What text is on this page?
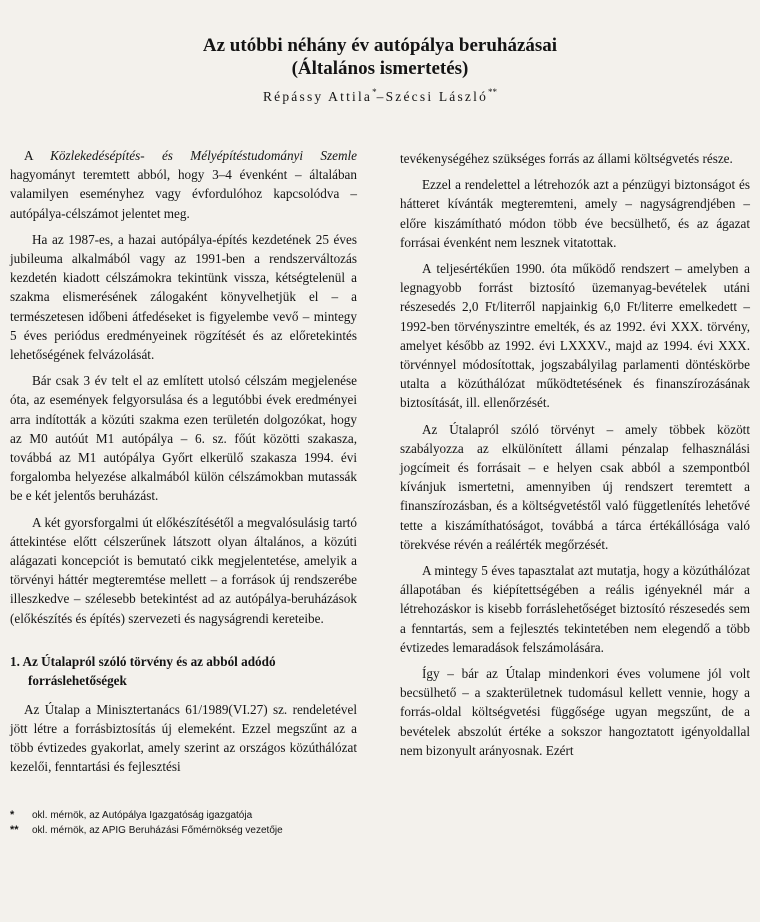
Az utóbbi néhány év autópálya beruházásai
(Általános ismertetés)
Répássy Attila*–Szécsi László**

A Közlekedésépítés- és Mélyépítéstudományi Szemle hagyományt teremtett abból, hogy 3–4 évenként – általában valamilyen eseményhez vagy évfordulóhoz kapcsolódva – autópálya-célszámot jelentet meg.

Ha az 1987-es, a hazai autópálya-építés kezdetének 25 éves jubileuma alkalmából vagy az 1991-ben a rendszerváltozás kezdetén kiadott célszámokra tekintünk vissza, kétségtelenül a szakma elismerésének zálogaként könyvelhetjük el – a természetesen időbeni átfedéseket is figyelembe vevő – mintegy 5 éves periódus eredményeinek rögzítését és az előretekintés lehetőségének felvázolását.

Bár csak 3 év telt el az említett utolsó célszám megjelenése óta, az események felgyorsulása és a legutóbbi évek eredményei arra indították a közúti szakma ezen területén dolgozókat, hogy az M0 autóút M1 autópálya – 6. sz. főút közötti szakasza, továbbá az M1 autópálya Győrt elkerülő szakasza 1994. évi forgalomba helyezése alkalmából külön célszámokban mutassák be e két jelentős beruházást.

A két gyorsforgalmi út előkészítésétől a megvalósulásig tartó áttekintése előtt célszerűnek látszott olyan általános, a közúti alágazati koncepciót is bemutató cikk megjelentetése, amelyik a törvényi háttér megteremtése mellett – a források új rendszerébe illeszkedve – szélesebb betekintést ad az autópálya-beruházások (előkészítés és építés) szervezeti és nagyságrendi kereteibe.

1. Az Útalapról szóló törvény és az abból adódó forráslehetőségek

Az Útalap a Minisztertanács 61/1989(VI.27) sz. rendeletével jött létre a forrásbiztosítás új elemeként. Ezzel megszűnt az a több évtizedes gyakorlat, amely szerint az országos közúthálózat kezelői, fenntartási és fejlesztési

tevékenységéhez szükséges forrás az állami költségvetés része.

Ezzel a rendelettel a létrehozók azt a pénzügyi biztonságot és hátteret kívánták megteremteni, amely – nagyságrendjében – előre kiszámítható módon több éve becsülhető, és az ágazat forrásai évenként nem lesznek vitatottak.

A teljesértékűen 1990. óta működő rendszert – amelyben a legnagyobb forrást biztosító üzemanyag-bevételek utáni részesedés 2,0 Ft/literről napjainkig 6,0 Ft/literre emelkedett – 1992-ben törvényszintre emelték, és az 1992. évi XXX. törvény, amelyet később az 1992. évi LXXXV., majd az 1994. évi XXX. törvénnyel módosítottak, jogszabályilag parlamenti döntéskörbe utalta a közúthálózat működtetésének és finanszírozásának biztosítását, ill. ellenőrzését.

Az Útalapról szóló törvényt – amely többek között szabályozza az elkülönített állami pénzalap felhasználási jogcímeit és forrásait – e helyen csak abból a szempontból kívánjuk ismertetni, amennyiben új rendszert teremtett a finanszírozásban, és a költségvetéstől való függetlenítés lehetővé tette a kiszámíthatóságot, továbbá a tárca értékállósága való törekvése révén a reálérték megőrzését.

A mintegy 5 éves tapasztalat azt mutatja, hogy a közúthálózat állapotában és kiépítettségében a reális igényeknél már a létrehozáskor is kisebb forráslehetőséget biztosító részesedés sem a fenntartás, sem a fejlesztés tekintetében nem elegendő a több évtizedes lemaradások felszámolására.

Így – bár az Útalap mindenkori éves volumene jól volt becsülhető – a szakterületnek tudomásul kellett vennie, hogy a forrás-oldal költségvetési függősége ugyan megszűnt, de a bevételek abszolút értéke a sokszor hangoztatott igényoldallal nem bizonyult arányosnak. Ezért

* okl. mérnök, az Autópálya Igazgatóság igazgatója
** okl. mérnök, az APIG Beruházási Főmérnökség vezetője
